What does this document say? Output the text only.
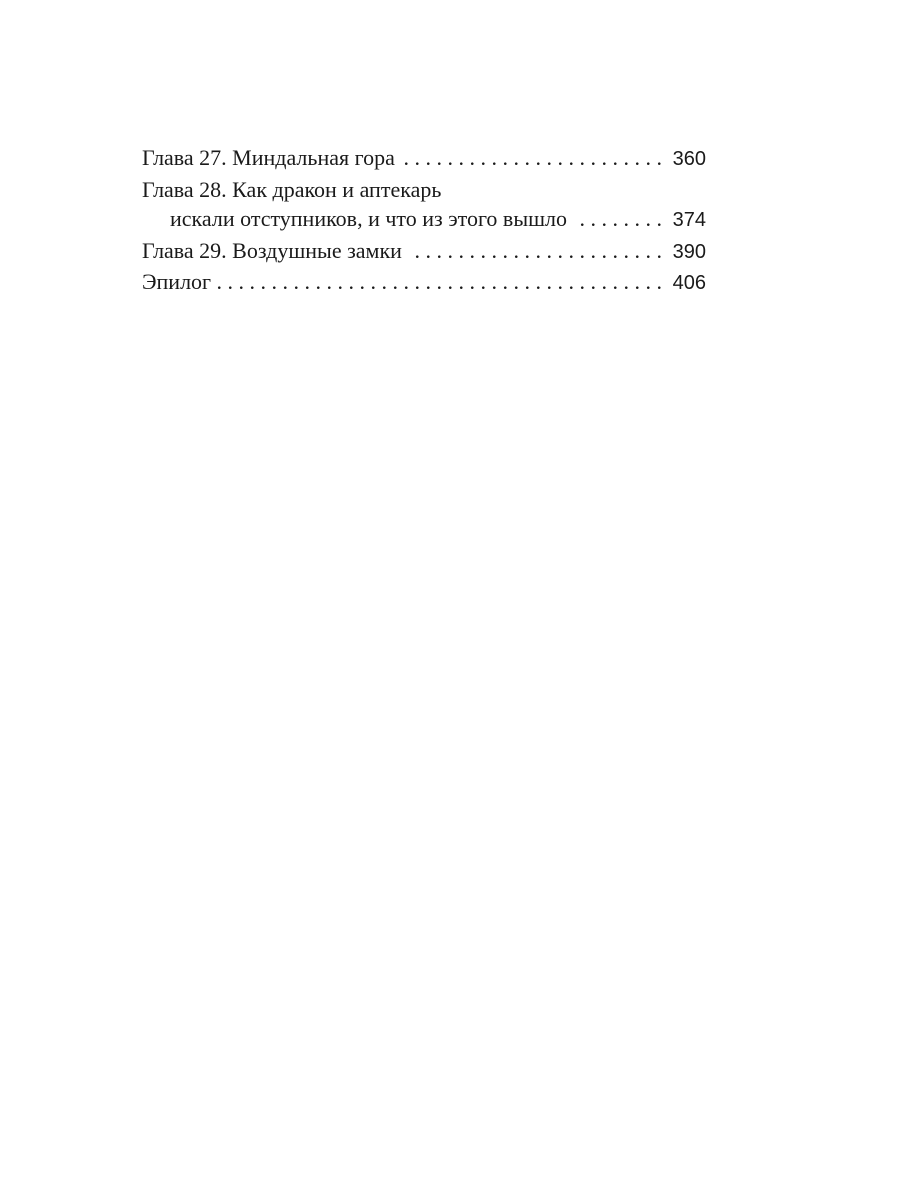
Глава 27. Миндальная гора . . .	360
Глава 28. Как дракон и аптекарь
искали отступников, и что из этого вышло . . .	374
Глава 29. Воздушные замки . . .	390
Эпилог . . .	406
